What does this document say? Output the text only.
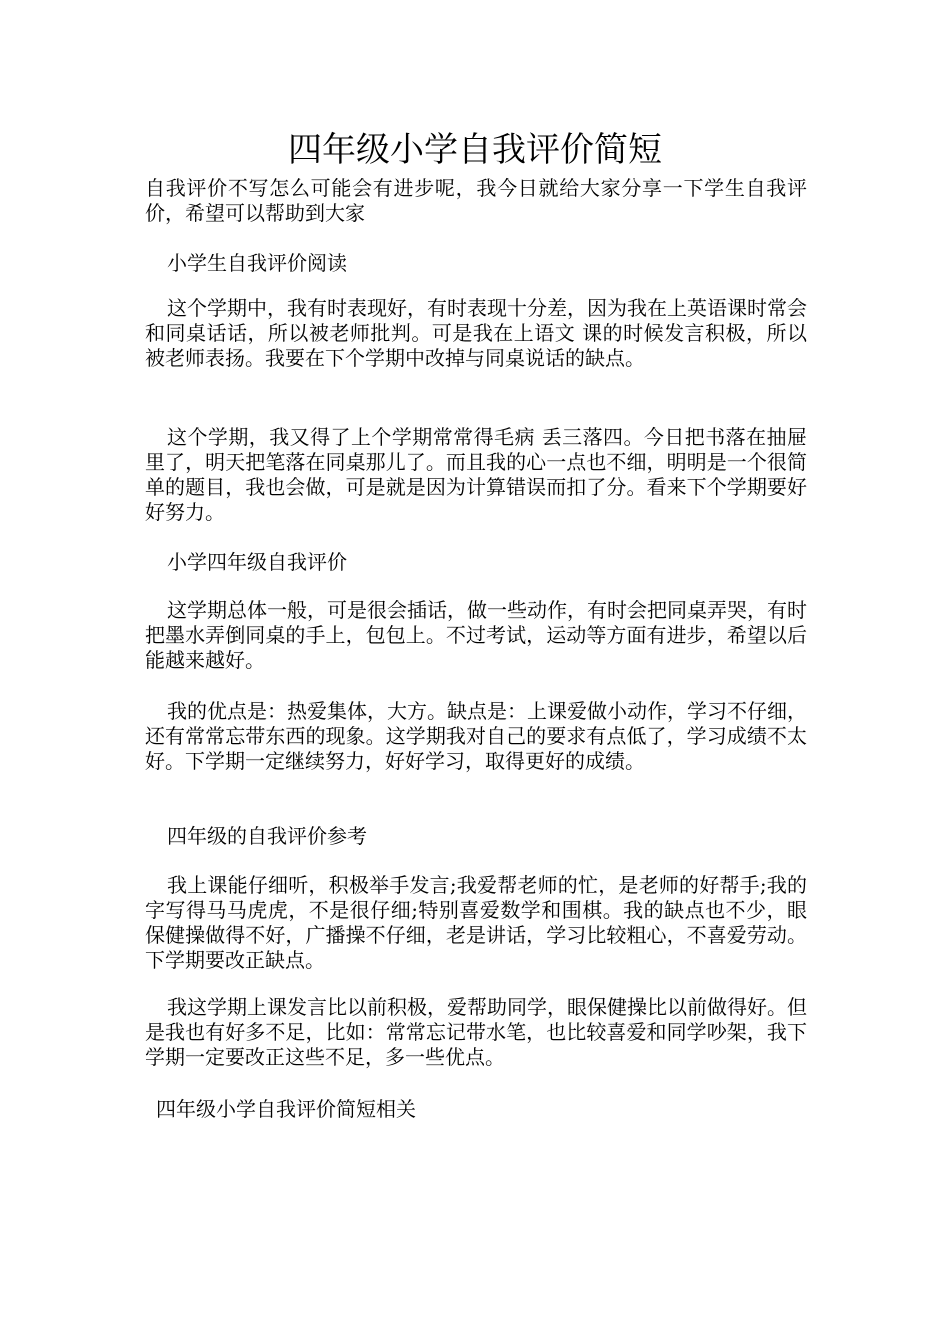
四年级小学自我评价简短

自我评价不写怎么可能会有进步呢，我今日就给大家分享一下学生自我评价，希望可以帮助到大家

小学生自我评价阅读

这个学期中，我有时表现好，有时表现十分差，因为我在上英语课时常会和同桌话话，所以被老师批判。可是我在上语文 课的时候发言积极，所以被老师表扬。我要在下个学期中改掉与同桌说话的缺点。

这个学期，我又得了上个学期常常得毛病 丢三落四。今日把书落在抽屉里了，明天把笔落在同桌那儿了。而且我的心一点也不细，明明是一个很简单的题目，我也会做，可是就是因为计算错误而扣了分。看来下个学期要好好努力。

小学四年级自我评价

这学期总体一般，可是很会插话，做一些动作，有时会把同桌弄哭，有时把墨水弄倒同桌的手上，包包上。不过考试，运动等方面有进步，希望以后能越来越好。

我的优点是：热爱集体，大方。缺点是：上课爱做小动作，学习不仔细，还有常常忘带东西的现象。这学期我对自己的要求有点低了，学习成绩不太好。下学期一定继续努力，好好学习，取得更好的成绩。

四年级的自我评价参考

我上课能仔细听，积极举手发言;我爱帮老师的忙，是老师的好帮手;我的字写得马马虎虎，不是很仔细;特别喜爱数学和围棋。我的缺点也不少，眼保健操做得不好，广播操不仔细，老是讲话，学习比较粗心，不喜爱劳动。下学期要改正缺点。

我这学期上课发言比以前积极，爱帮助同学，眼保健操比以前做得好。但是我也有好多不足，比如：常常忘记带水笔，也比较喜爱和同学吵架，我下学期一定要改正这些不足，多一些优点。

四年级小学自我评价简短相关
